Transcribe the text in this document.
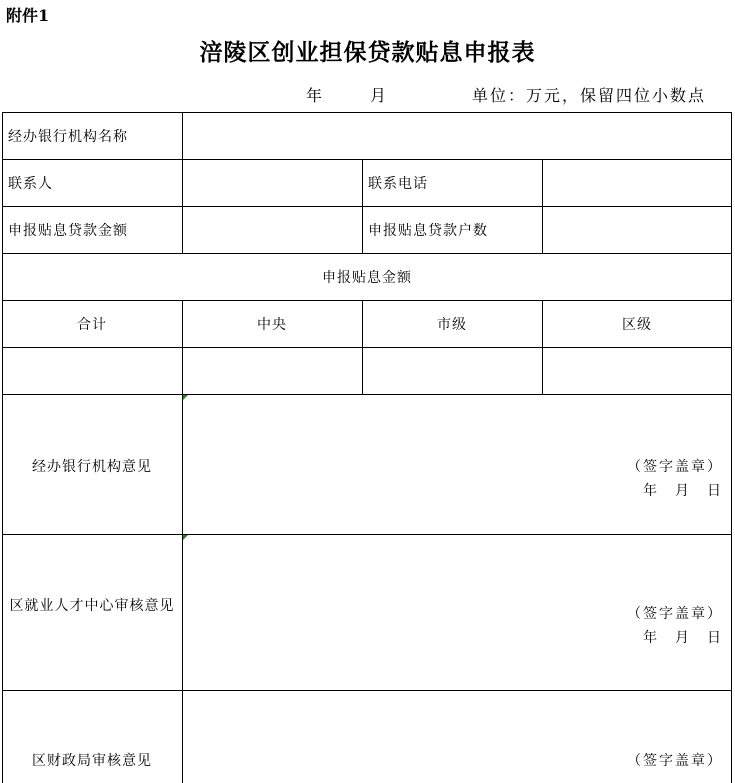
附件1
涪陵区创业担保贷款贴息申报表
年	月	单位：万元，保留四位小数点
经办银行机构名称
联系人	联系电话
申报贴息贷款金额	申报贴息贷款户数
申报贴息金额
合计	中央	市级	区级
经办银行机构意见	（签字盖章）
年　月　日
区就业人才中心审核意见	（签字盖章）
年　月　日
区财政局审核意见	（签字盖章）
